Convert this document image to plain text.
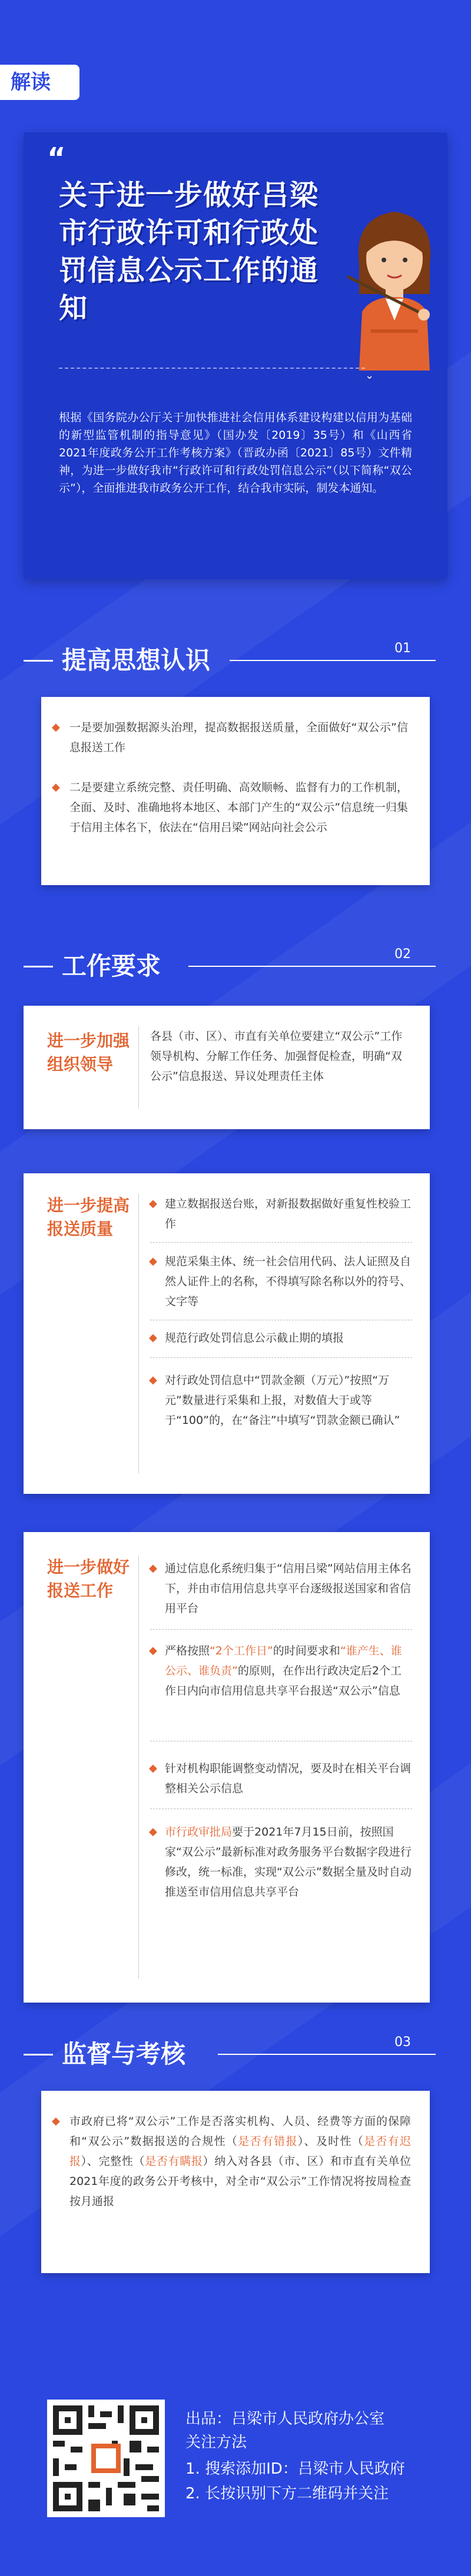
解读
“
关于进一步做好吕梁市行政许可和行政处罚信息公示工作的通知
⌄
根据《国务院办公厅关于加快推进社会信用体系建设构建以信用为基础的新型监管机制的指导意见》（国办发〔2019〕35号）和《山西省2021年度政务公开工作考核方案》（晋政办函〔2021〕85号）文件精神，为进一步做好我市“行政许可和行政处罚信息公示”（以下简称“双公示”），全面推进我市政务公开工作，结合我市实际，制发本通知。
提高思想认识	01
◆ 一是要加强数据源头治理，提高数据报送质量，全面做好“双公示”信息报送工作
◆ 二是要建立系统完整、责任明确、高效顺畅、监督有力的工作机制，全面、及时、准确地将本地区、本部门产生的“双公示”信息统一归集于信用主体名下，依法在“信用吕梁”网站向社会公示
工作要求	02
进一步加强组织领导
各县（市、区）、市直有关单位要建立“双公示”工作领导机构、分解工作任务、加强督促检查，明确“双公示”信息报送、异议处理责任主体
进一步提高报送质量
◆ 建立数据报送台账，对新报数据做好重复性校验工作
◆ 规范采集主体、统一社会信用代码、法人证照及自然人证件上的名称，不得填写除名称以外的符号、文字等
◆ 规范行政处罚信息公示截止期的填报
◆ 对行政处罚信息中“罚款金额（万元）”按照“万元”数量进行采集和上报，对数值大于或等于“100”的，在“备注”中填写“罚款金额已确认”
进一步做好报送工作
◆ 通过信息化系统归集于“信用吕梁”网站信用主体名下，并由市信用信息共享平台逐级报送国家和省信用平台
◆ 严格按照“2个工作日”的时间要求和“谁产生、谁公示、谁负责”的原则，在作出行政决定后2个工作日内向市信用信息共享平台报送“双公示”信息
◆ 针对机构职能调整变动情况，要及时在相关平台调整相关公示信息
◆ 市行政审批局要于2021年7月15日前，按照国家“双公示”最新标准对政务服务平台数据字段进行修改，统一标准，实现“双公示”数据全量及时自动推送至市信用信息共享平台
监督与考核	03
◆ 市政府已将“双公示”工作是否落实机构、人员、经费等方面的保障和“双公示”数据报送的合规性（是否有错报）、及时性（是否有迟报）、完整性（是否有瞒报）纳入对各县（市、区）和市直有关单位2021年度的政务公开考核中，对全市“双公示”工作情况将按周检查按月通报
出品：吕梁市人民政府办公室
关注方法
1. 搜索添加ID：吕梁市人民政府
2. 长按识别下方二维码并关注
